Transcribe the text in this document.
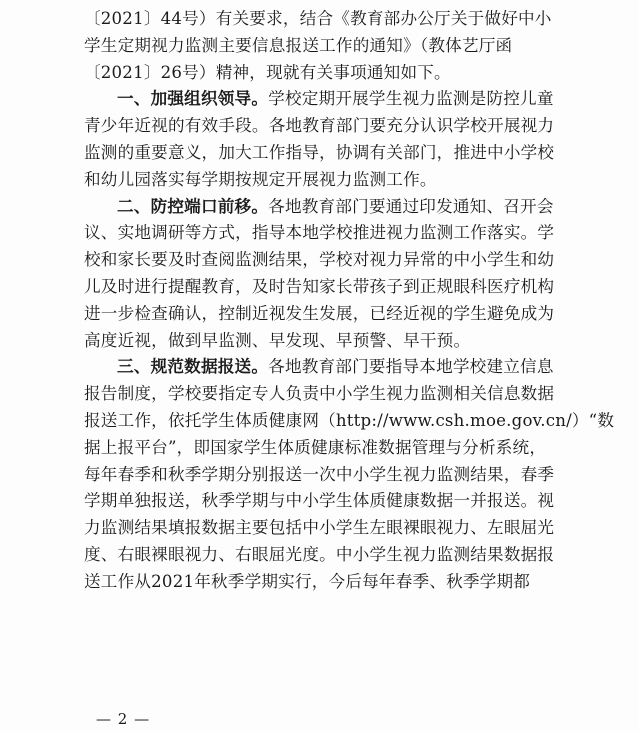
〔2021〕44号）有关要求，结合《教育部办公厅关于做好中小
学生定期视力监测主要信息报送工作的通知》（教体艺厅函
〔2021〕26号）精神，现就有关事项通知如下。
一、加强组织领导。学校定期开展学生视力监测是防控儿童
青少年近视的有效手段。各地教育部门要充分认识学校开展视力
监测的重要意义，加大工作指导，协调有关部门，推进中小学校
和幼儿园落实每学期按规定开展视力监测工作。
二、防控端口前移。各地教育部门要通过印发通知、召开会
议、实地调研等方式，指导本地学校推进视力监测工作落实。学
校和家长要及时查阅监测结果，学校对视力异常的中小学生和幼
儿及时进行提醒教育，及时告知家长带孩子到正规眼科医疗机构
进一步检查确认，控制近视发生发展，已经近视的学生避免成为
高度近视，做到早监测、早发现、早预警、早干预。
三、规范数据报送。各地教育部门要指导本地学校建立信息
报告制度，学校要指定专人负责中小学生视力监测相关信息数据
报送工作，依托学生体质健康网（http://www.csh.moe.gov.cn/）“数
据上报平台”，即国家学生体质健康标准数据管理与分析系统，
每年春季和秋季学期分别报送一次中小学生视力监测结果，春季
学期单独报送，秋季学期与中小学生体质健康数据一并报送。视
力监测结果填报数据主要包括中小学生左眼裸眼视力、左眼屈光
度、右眼裸眼视力、右眼屈光度。中小学生视力监测结果数据报
送工作从2021年秋季学期实行，今后每年春季、秋季学期都
— 2 —
